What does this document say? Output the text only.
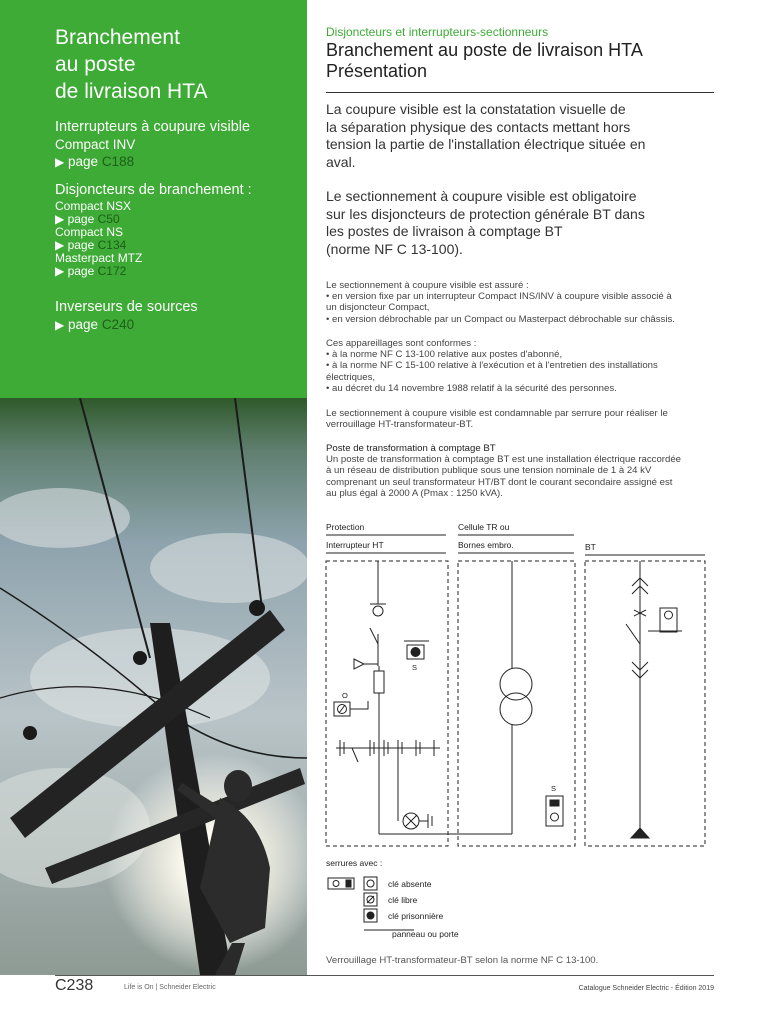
Branchement
au poste
de livraison HTA
Interrupteurs à coupure visible
Compact INV
▶ page C188
Disjoncteurs de branchement :
Compact NSX
▶ page C50
Compact NS
▶ page C134
Masterpact MTZ
▶ page C172
Inverseurs de sources
▶ page C240
Disjoncteurs et interrupteurs-sectionneurs
Branchement au poste de livraison HTA
Présentation
La coupure visible est la constatation visuelle de
la séparation physique des contacts mettant hors
tension la partie de l'installation électrique située en
aval.
Le sectionnement à coupure visible est obligatoire
sur les disjoncteurs de protection générale BT dans
les postes de livraison à comptage BT
(norme NF C 13-100).

Le sectionnement à coupure visible est assuré :

• en version fixe par un interrupteur Compact INS/INV à coupure visible associé à

un disjoncteur Compact,

• en version débrochable par un Compact ou Masterpact débrochable sur châssis.

Ces appareillages sont conformes :

• à la norme NF C 13-100 relative aux postes d'abonné,

• à la norme NF C 15-100 relative à l'exécution et à l'entretien des installations

électriques,

• au décret du 14 novembre 1988 relatif à la sécurité des personnes.

Le sectionnement à coupure visible est condamnable par serrure pour réaliser le

verrouillage HT-transformateur-BT.

Poste de transformation à comptage BT

Un poste de transformation à comptage BT est une installation électrique raccordée

à un réseau de distribution publique sous une tension nominale de 1 à 24 kV

comprenant un seul transformateur HT/BT dont le courant secondaire assigné est

au plus égal à 2000 A (Pmax : 1250 kVA).

Protection
Interrupteur HT
Cellule TR ou
Bornes embro.	BT
O
S
S
serrures avec :
clé absente
clé libre
clé prisonnière
panneau ou porte
Verrouillage HT-transformateur-BT selon la norme NF C 13-100.
C238	Life is On | Schneider Electric	Catalogue Schneider Electric - Édition 2019
